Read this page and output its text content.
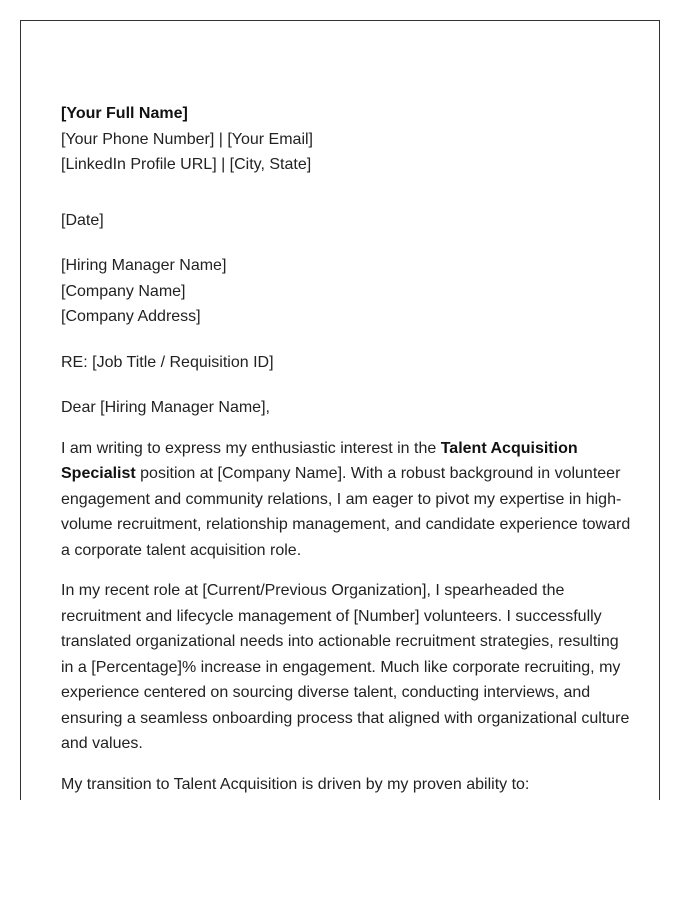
[Your Full Name]
[Your Phone Number] | [Your Email]
[LinkedIn Profile URL] | [City, State]
[Date]
[Hiring Manager Name]
[Company Name]
[Company Address]
RE: [Job Title / Requisition ID]
Dear [Hiring Manager Name],

I am writing to express my enthusiastic interest in the Talent Acquisition Specialist position at [Company Name]. With a robust background in volunteer engagement and community relations, I am eager to pivot my expertise in high-volume recruitment, relationship management, and candidate experience toward a corporate talent acquisition role.

In my recent role at [Current/Previous Organization], I spearheaded the recruitment and lifecycle management of [Number] volunteers. I successfully translated organizational needs into actionable recruitment strategies, resulting in a [Percentage]% increase in engagement. Much like corporate recruiting, my experience centered on sourcing diverse talent, conducting interviews, and ensuring a seamless onboarding process that aligned with organizational culture and values.

My transition to Talent Acquisition is driven by my proven ability to:
